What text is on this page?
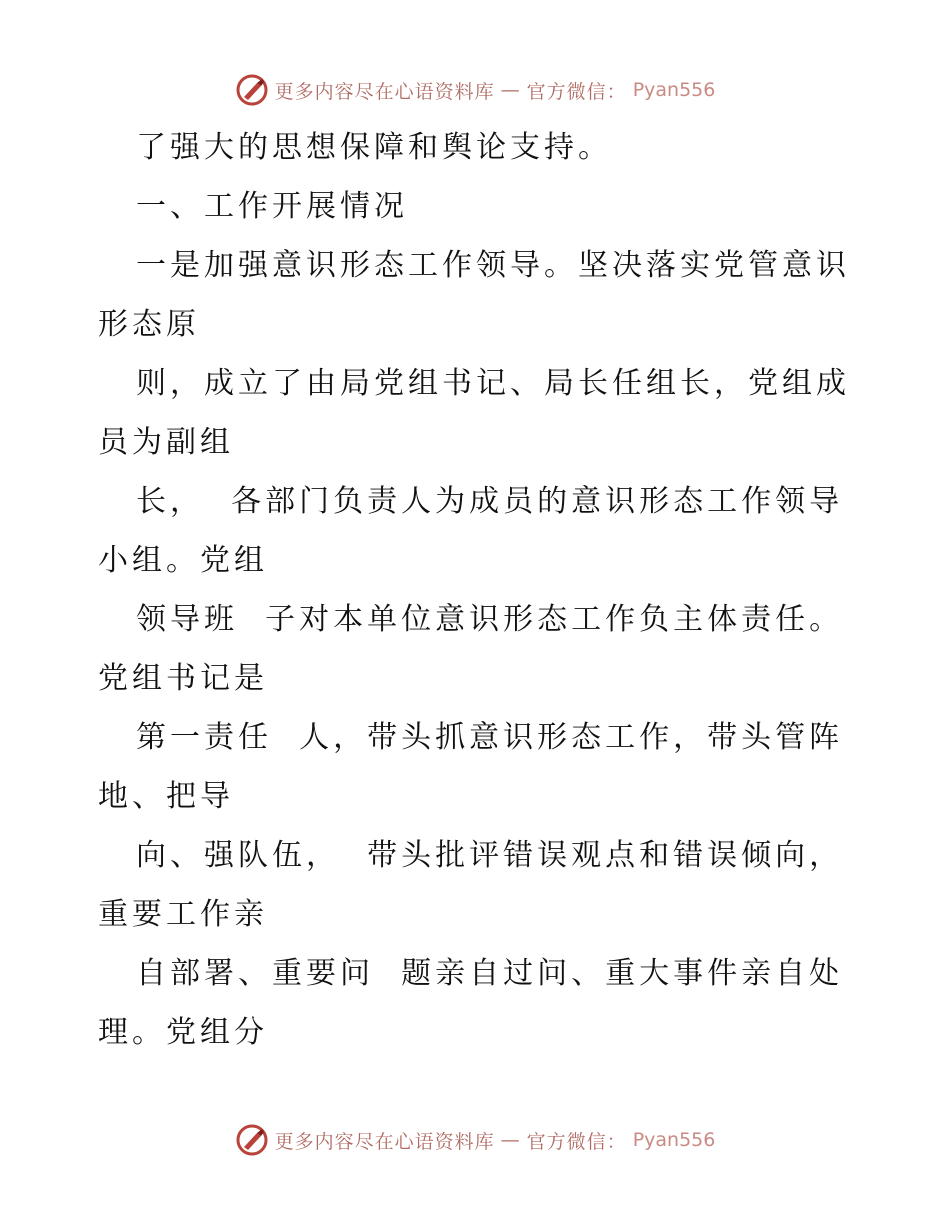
更多内容尽在心语资料库 — 官方微信： Pyan556
了强大的思想保障和舆论支持。
一、工作开展情况
一是加强意识形态工作领导。坚决落实党管意识
形态原
则，成立了由局党组书记、局长任组长，党组成
员为副组
长，  各部门负责人为成员的意识形态工作领导
小组。党组
领导班  子对本单位意识形态工作负主体责任。
党组书记是
第一责任  人，带头抓意识形态工作，带头管阵
地、把导
向、强队伍，  带头批评错误观点和错误倾向，
重要工作亲
自部署、重要问  题亲自过问、重大事件亲自处
理。党组分
更多内容尽在心语资料库 — 官方微信： Pyan556
